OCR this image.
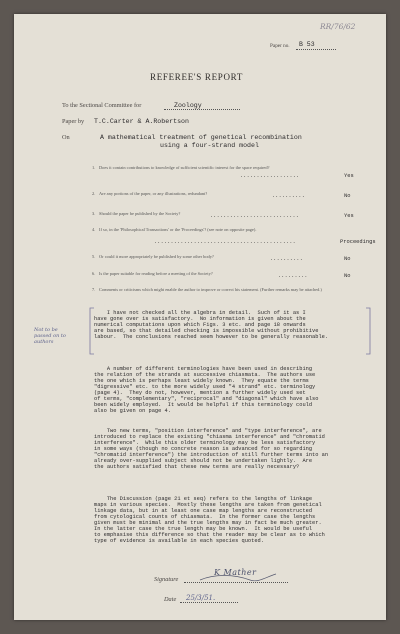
RR/76/62
Paper no. B 53
REFEREE'S REPORT
To the Sectional Committee for	Zoology
Paper by T.C.Carter & A.Robertson
On	A mathematical treatment of genetical recombination
using a four-strand model
1. Does it contain contributions to knowledge of sufficient scientific interest for the space required?
..................	Yes
2. Are any portions of the paper, or any illustrations, redundant?	..........	No
3. Should the paper be published by the Society?	...........................	Yes
4. If so, in the 'Philosophical Transactions' or the 'Proceedings'? (see note on opposite page).
...........................................	Proceedings
5. Or could it more appropriately be published by some other body?	..........	No
6. Is the paper suitable for reading before a meeting of the Society?	.........	No
7. Comments or criticisms which might enable the author to improve or correct his statement. (Further remarks may be attached.)
Not to be
passed on to
authors
I have not checked all the algebra in detail.  Such of it as I
have gone over is satisfactory.  No information is given about the
numerical computations upon which Figs. 3 etc. and page 18 onwards
are based, so that detailed checking is impossible without prohibitive
labour.  The conclusions reached seem however to be generally reasonable.
A number of different terminologies have been used in describing
the relation of the strands at successive chiasmata.  The authors use
the one which is perhaps least widely known.  They equate the terms
"digressive" etc. to the more widely used "4 strand" etc. terminology
(page 4).  They do not, however, mention a further widely used set
of terms, "complementary", "reciprocal" and "diagonal" which have also
been widely employed.  It would be helpful if this terminology could
also be given on page 4.
Two new terms, "position interference" and "type interference", are
introduced to replace the existing "chiasma interference" and "chromatid
interference".  While this older terminology may be less satisfactory
in some ways (though no concrete reason is advanced for so regarding
"chromatid interference") the introduction of still further terms into an
already over-supplied subject should not be undertaken lightly.  Are
the authors satisfied that these new terms are really necessary?
The Discussion (page 21 et seq) refers to the lengths of linkage
maps in various species.  Mostly these lengths are taken from genetical
linkage data, but in at least one case map lengths are reconstructed
from cytological counts of chiasmata.  In the former case the lengths
given must be minimal and the true lengths may in fact be much greater.
In the latter case the true length may be known.  It would be useful
to emphasise this difference so that the reader may be clear as to which
type of evidence is available in each species quoted.
Signature
K Mather
Date 25/3/51.
